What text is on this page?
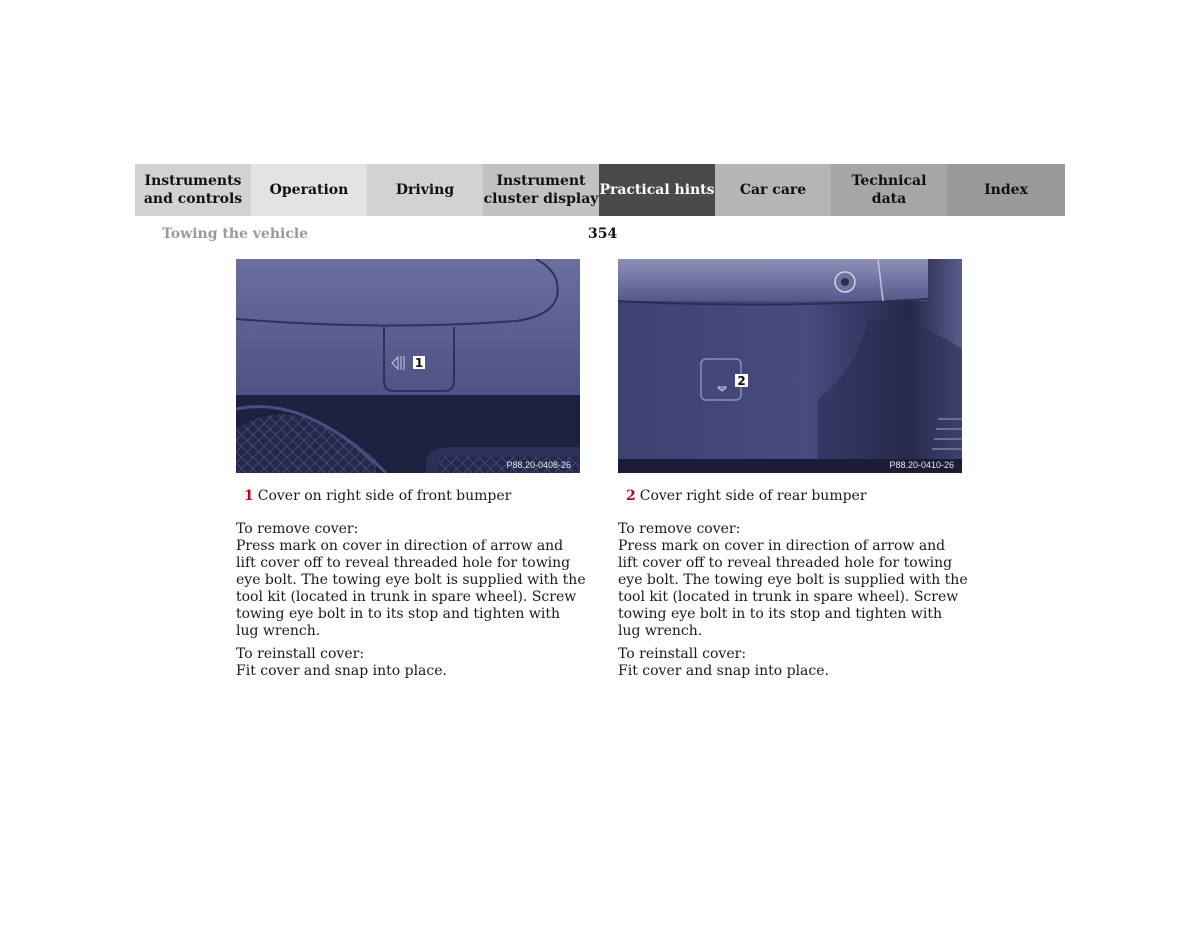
Instruments
and controls
Operation	Driving
Instrument
cluster display
Practical hints	Car care
Technical
data
Index
Towing the vehicle	354
1
P88.20-0408-26
2
P88.20-0410-26
1 Cover on right side of front bumper

To remove cover:
Press mark on cover in direction of arrow and lift cover off to reveal threaded hole for towing eye bolt. The towing eye bolt is supplied with the tool kit (located in trunk in spare wheel). Screw towing eye bolt in to its stop and tighten with lug wrench.

To reinstall cover:
Fit cover and snap into place.

2 Cover right side of rear bumper

To remove cover:
Press mark on cover in direction of arrow and lift cover off to reveal threaded hole for towing eye bolt. The towing eye bolt is supplied with the tool kit (located in trunk in spare wheel). Screw towing eye bolt in to its stop and tighten with lug wrench.

To reinstall cover:
Fit cover and snap into place.
